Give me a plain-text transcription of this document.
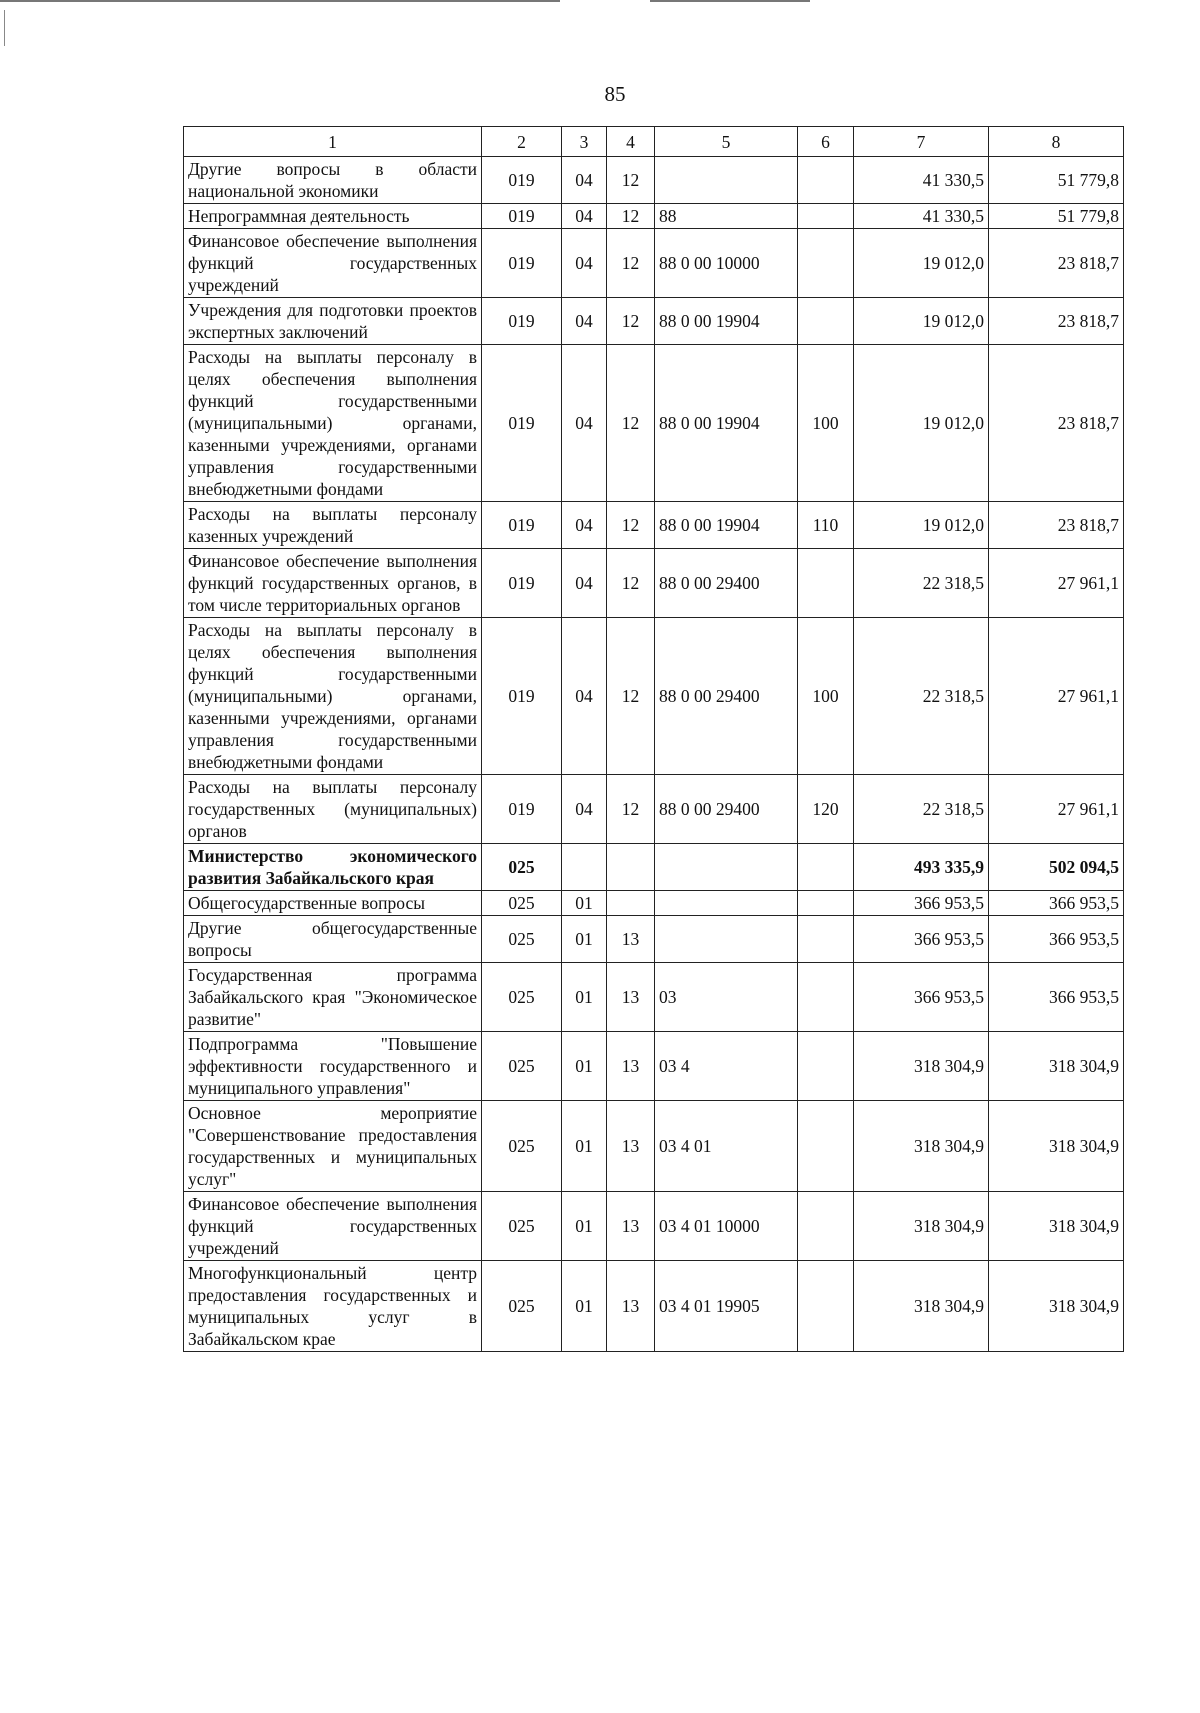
85
1	2	3	4	5	6	7	8
Другие вопросы в области национальной экономики	019	04	12			41 330,5	51 779,8
Непрограммная деятельность	019	04	12	88		41 330,5	51 779,8
Финансовое обеспечение выполнения функций государственных учреждений	019	04	12	88 0 00 10000		19 012,0	23 818,7
Учреждения для подготовки проектов экспертных заключений	019	04	12	88 0 00 19904		19 012,0	23 818,7
Расходы на выплаты персоналу в целях обеспечения выполнения функций государственными (муниципальными) органами, казенными учреждениями, органами управления государственными внебюджетными фондами	019	04	12	88 0 00 19904	100	19 012,0	23 818,7
Расходы на выплаты персоналу казенных учреждений	019	04	12	88 0 00 19904	110	19 012,0	23 818,7
Финансовое обеспечение выполнения функций государственных органов, в том числе территориальных органов	019	04	12	88 0 00 29400		22 318,5	27 961,1
Расходы на выплаты персоналу в целях обеспечения выполнения функций государственными (муниципальными) органами, казенными учреждениями, органами управления государственными внебюджетными фондами	019	04	12	88 0 00 29400	100	22 318,5	27 961,1
Расходы на выплаты персоналу государственных (муниципальных) органов	019	04	12	88 0 00 29400	120	22 318,5	27 961,1
Министерство экономического развития Забайкальского края	025					493 335,9	502 094,5
Общегосударственные вопросы	025	01				366 953,5	366 953,5
Другие общегосударственные вопросы	025	01	13			366 953,5	366 953,5
Государственная программа Забайкальского края "Экономическое развитие"	025	01	13	03		366 953,5	366 953,5
Подпрограмма "Повышение эффективности государственного и муниципального управления"	025	01	13	03 4		318 304,9	318 304,9
Основное мероприятие "Совершенствование предоставления государственных и муниципальных услуг"	025	01	13	03 4 01		318 304,9	318 304,9
Финансовое обеспечение выполнения функций государственных учреждений	025	01	13	03 4 01 10000		318 304,9	318 304,9
Многофункциональный центр предоставления государственных и муниципальных услуг в Забайкальском крае	025	01	13	03 4 01 19905		318 304,9	318 304,9
